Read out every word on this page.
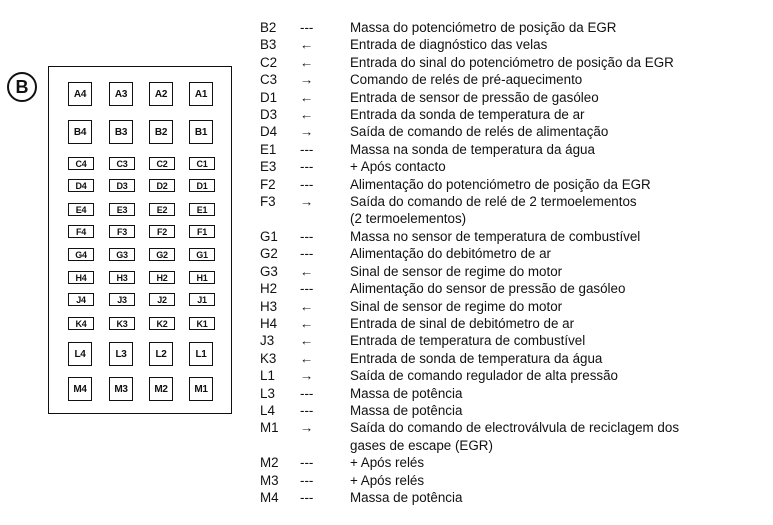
B	A4	A3	A2	A1
B4	B3	B2	B1
C4	C3	C2	C1
D4	D3	D2	D1
E4	E3	E2	E1
F4	F3	F2	F1
G4	G3	G2	G1
H4	H3	H2	H1
J4	J3	J2	J1
K4	K3	K2	K1
L4	L3	L2	L1
M4	M3	M2	M1
B2	---	Massa do potenciómetro de posição da EGR
B3	←	Entrada de diagnóstico das velas
C2	←	Entrada do sinal do potenciómetro de posição da EGR
C3	→	Comando de relés de pré-aquecimento
D1	←	Entrada de sensor de pressão de gasóleo
D3	←	Entrada da sonda de temperatura de ar
D4	→	Saída de comando de relés de alimentação
E1	---	Massa na sonda de temperatura da água
E3	---	+ Após contacto
F2	---	Alimentação do potenciómetro de posição da EGR
F3	→	Saída do comando de relé de 2 termoelementos
(2 termoelementos)
G1	---	Massa no sensor de temperatura de combustível
G2	---	Alimentação do debitómetro de ar
G3	←	Sinal de sensor de regime do motor
H2	---	Alimentação do sensor de pressão de gasóleo
H3	←	Sinal de sensor de regime do motor
H4	←	Entrada de sinal de debitómetro de ar
J3	←	Entrada de temperatura de combustível
K3	←	Entrada de sonda de temperatura da água
L1	→	Saída de comando regulador de alta pressão
L3	---	Massa de potência
L4	---	Massa de potência
M1	→	Saída do comando de electroválvula de reciclagem dos
gases de escape (EGR)
M2	---	+ Após relés
M3	---	+ Após relés
M4	---	Massa de potência
